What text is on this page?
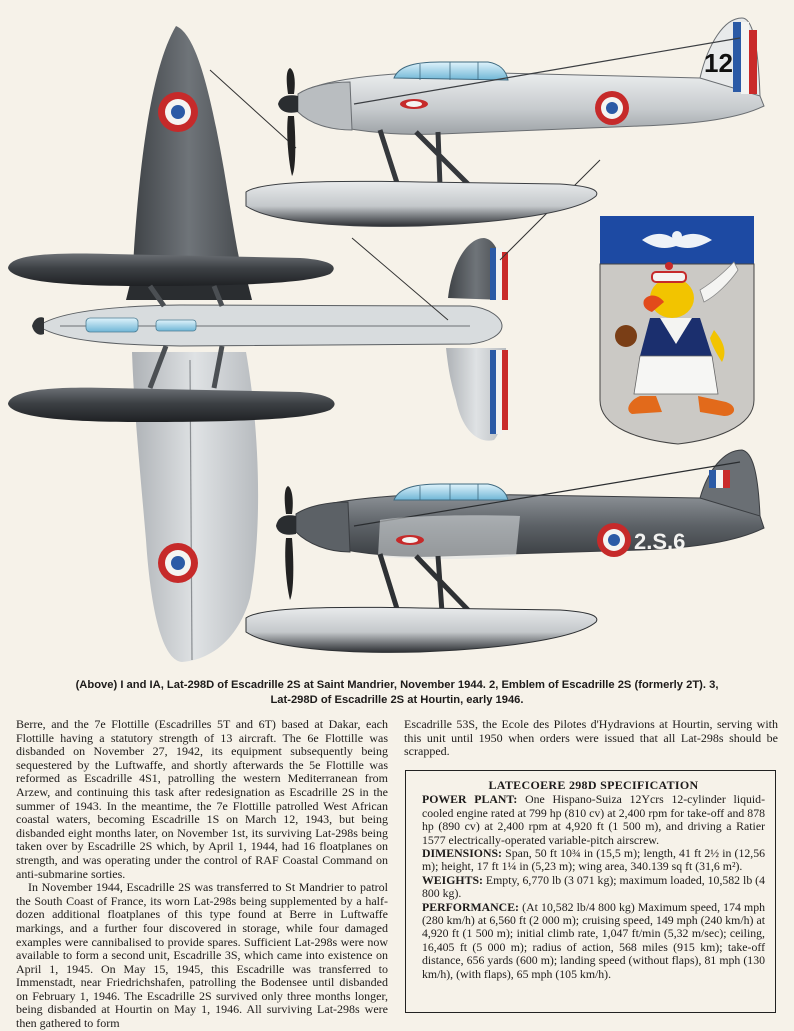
12
2.S.6
(Above) I and IA, Lat-298D of Escadrille 2S at Saint Mandrier, November 1944. 2, Emblem of Escadrille 2S (formerly 2T). 3,
Lat-298D of Escadrille 2S at Hourtin, early 1946.

Berre, and the 7e Flottille (Escadrilles 5T and 6T) based at Dakar, each Flottille having a statutory strength of 13 aircraft. The 6e Flottille was disbanded on November 27, 1942, its equipment subsequently being sequestered by the Luftwaffe, and shortly afterwards the 5e Flottille was reformed as Escadrille 4S1, patrolling the western Mediterranean from Arzew, and continuing this task after redesignation as Escadrille 2S in the summer of 1943. In the meantime, the 7e Flottille patrolled West African coastal waters, becoming Escadrille 1S on March 12, 1943, but being disbanded eight months later, on November 1st, its surviving Lat-298s being taken over by Escadrille 2S which, by April 1, 1944, had 16 floatplanes on strength, and was operating under the control of RAF Coastal Command on anti-submarine sorties.

In November 1944, Escadrille 2S was transferred to St Mandrier to patrol the South Coast of France, its worn Lat-298s being supplemented by a half-dozen additional floatplanes of this type found at Berre in Luftwaffe markings, and a further four discovered in storage, while four damaged examples were cannibalised to provide spares. Sufficient Lat-298s were now available to form a second unit, Escadrille 3S, which came into existence on April 1, 1945. On May 15, 1945, this Escadrille was transferred to Immenstadt, near Friedrichshafen, patrolling the Bodensee until disbanded on February 1, 1946. The Escadrille 2S survived only three months longer, being disbanded at Hourtin on May 1, 1946. All surviving Lat-298s were then gathered to form

Escadrille 53S, the Ecole des Pilotes d'Hydravions at Hourtin, serving with this unit until 1950 when orders were issued that all Lat-298s should be scrapped.

LATECOERE 298D SPECIFICATION

POWER PLANT: One Hispano-Suiza 12Ycrs 12-cylinder liquid-cooled engine rated at 799 hp (810 cv) at 2,400 rpm for take-off and 878 hp (890 cv) at 2,400 rpm at 4,920 ft (1 500 m), and driving a Ratier 1577 electrically-operated variable-pitch airscrew.

DIMENSIONS: Span, 50 ft 10¾ in (15,5 m); length, 41 ft 2½ in (12,56 m); height, 17 ft 1¼ in (5,23 m); wing area, 340.139 sq ft (31,6 m²).

WEIGHTS: Empty, 6,770 lb (3 071 kg); maximum loaded, 10,582 lb (4 800 kg).

PERFORMANCE: (At 10,582 lb/4 800 kg) Maximum speed, 174 mph (280 km/h) at 6,560 ft (2 000 m); cruising speed, 149 mph (240 km/h) at 4,920 ft (1 500 m); initial climb rate, 1,047 ft/min (5,32 m/sec); ceiling, 16,405 ft (5 000 m); radius of action, 568 miles (915 km); take-off distance, 656 yards (600 m); landing speed (without flaps), 81 mph (130 km/h), (with flaps), 65 mph (105 km/h).
